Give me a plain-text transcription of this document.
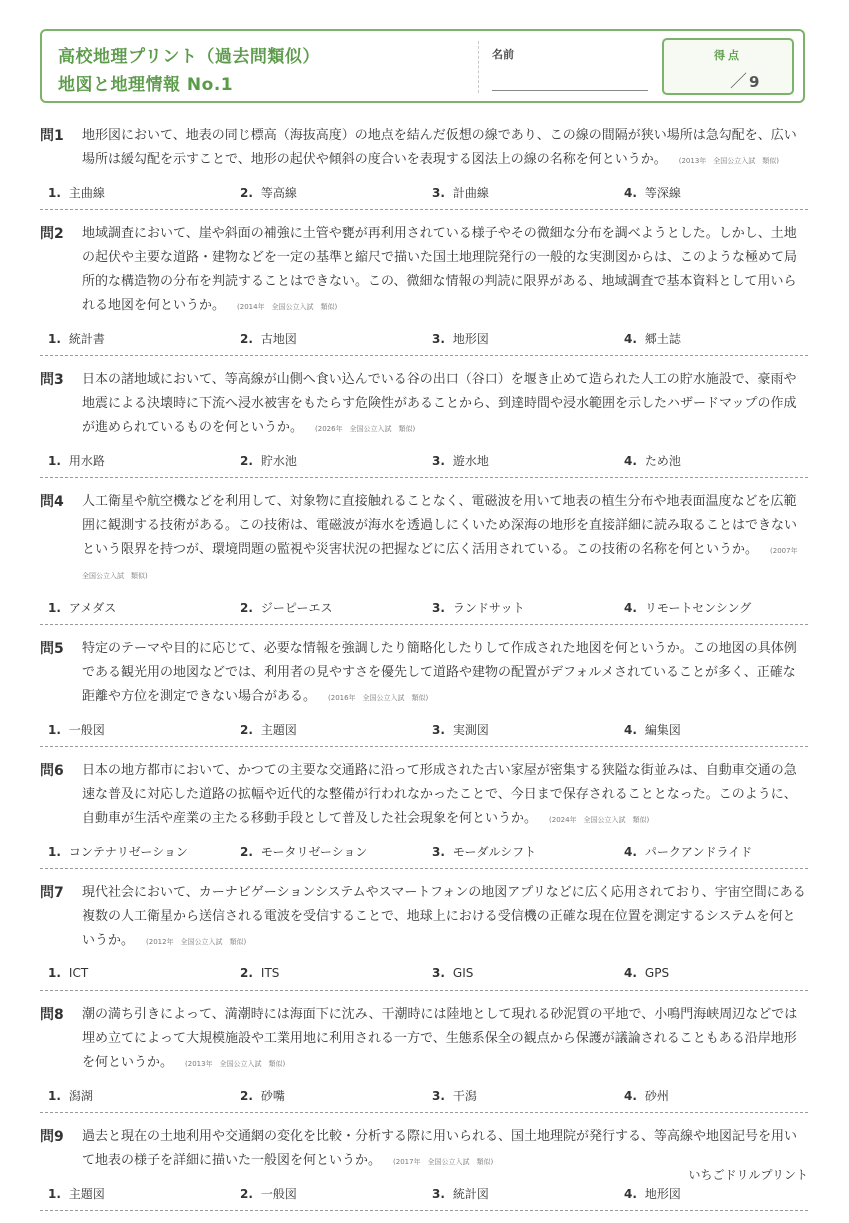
高校地理プリント（過去問類似）
地図と地理情報 No.1
名前	得点
／ 9
問1 地形図において、地表の同じ標高（海抜高度）の地点を結んだ仮想の線であり、この線の間隔が狭い場所は急勾配を、広い場所は緩勾配を示すことで、地形の起伏や傾斜の度合いを表現する図法上の線の名称を何というか。 (2013年　全国公立入試　類似)
1. 主曲線	2. 等高線	3. 計曲線	4. 等深線
問2 地域調査において、崖や斜面の補強に土管や甕が再利用されている様子やその微細な分布を調べようとした。しかし、土地の起伏や主要な道路・建物などを一定の基準と縮尺で描いた国土地理院発行の一般的な実測図からは、このような極めて局所的な構造物の分布を判読することはできない。この、微細な情報の判読に限界がある、地域調査で基本資料として用いられる地図を何というか。 (2014年　全国公立入試　類似)
1. 統計書	2. 古地図	3. 地形図	4. 郷土誌
問3 日本の諸地域において、等高線が山側へ食い込んでいる谷の出口（谷口）を堰き止めて造られた人工の貯水施設で、豪雨や地震による決壊時に下流へ浸水被害をもたらす危険性があることから、到達時間や浸水範囲を示したハザードマップの作成が進められているものを何というか。 (2026年　全国公立入試　類似)
1. 用水路	2. 貯水池	3. 遊水地	4. ため池
問4 人工衛星や航空機などを利用して、対象物に直接触れることなく、電磁波を用いて地表の植生分布や地表面温度などを広範囲に観測する技術がある。この技術は、電磁波が海水を透過しにくいため深海の地形を直接詳細に読み取ることはできないという限界を持つが、環境問題の監視や災害状況の把握などに広く活用されている。この技術の名称を何というか。 (2007年　全国公立入試　類似)
1. アメダス	2. ジーピーエス	3. ランドサット	4. リモートセンシング
問5 特定のテーマや目的に応じて、必要な情報を強調したり簡略化したりして作成された地図を何というか。この地図の具体例である観光用の地図などでは、利用者の見やすさを優先して道路や建物の配置がデフォルメされていることが多く、正確な距離や方位を測定できない場合がある。 (2016年　全国公立入試　類似)
1. 一般図	2. 主題図	3. 実測図	4. 編集図
問6 日本の地方都市において、かつての主要な交通路に沿って形成された古い家屋が密集する狭隘な街並みは、自動車交通の急速な普及に対応した道路の拡幅や近代的な整備が行われなかったことで、今日まで保存されることとなった。このように、自動車が生活や産業の主たる移動手段として普及した社会現象を何というか。 (2024年　全国公立入試　類似)
1. コンテナリゼーション	2. モータリゼーション	3. モーダルシフト	4. パークアンドライド
問7 現代社会において、カーナビゲーションシステムやスマートフォンの地図アプリなどに広く応用されており、宇宙空間にある複数の人工衛星から送信される電波を受信することで、地球上における受信機の正確な現在位置を測定するシステムを何というか。 (2012年　全国公立入試　類似)
1. ICT	2. ITS	3. GIS	4. GPS
問8 潮の満ち引きによって、満潮時には海面下に沈み、干潮時には陸地として現れる砂泥質の平地で、小鳴門海峡周辺などでは埋め立てによって大規模施設や工業用地に利用される一方で、生態系保全の観点から保護が議論されることもある沿岸地形を何というか。 (2013年　全国公立入試　類似)
1. 潟湖	2. 砂嘴	3. 干潟	4. 砂州
問9 過去と現在の土地利用や交通網の変化を比較・分析する際に用いられる、国土地理院が発行する、等高線や地図記号を用いて地表の様子を詳細に描いた一般図を何というか。 (2017年　全国公立入試　類似)
1. 主題図	2. 一般図	3. 統計図	4. 地形図
いちごドリルプリント
